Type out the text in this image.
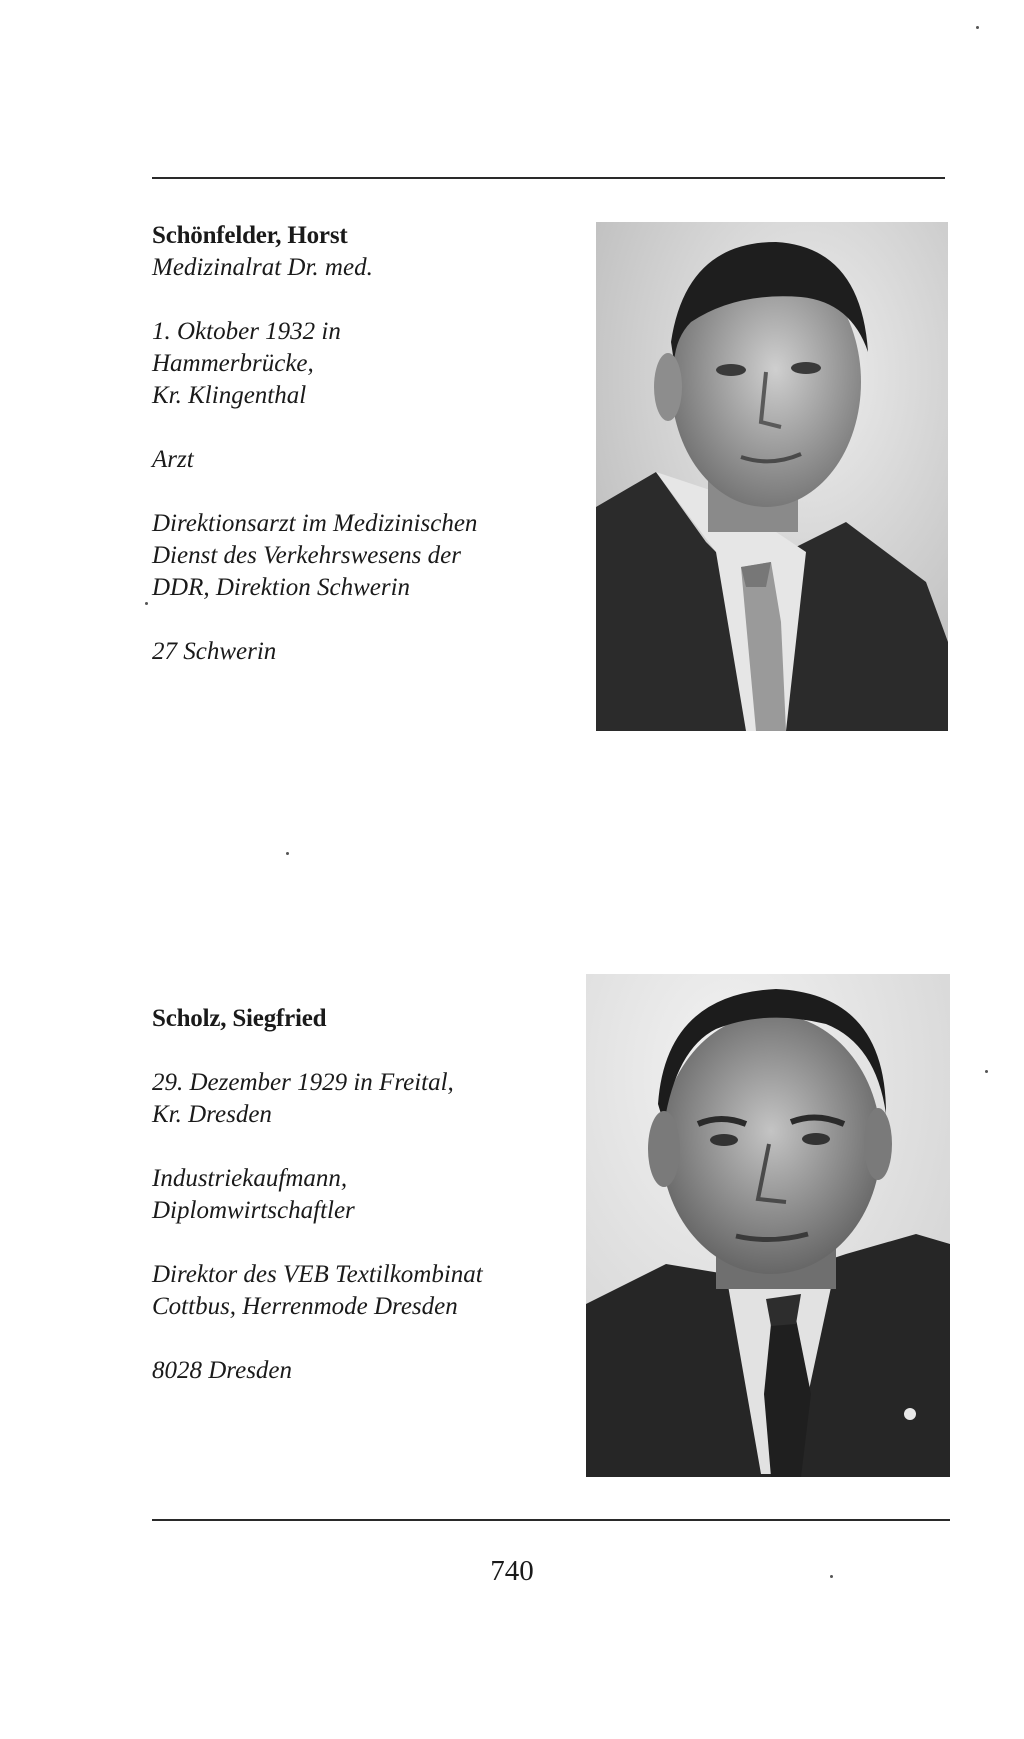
Schönfelder, Horst

Medizinalrat Dr. med.

1. Oktober 1932 in
Hammerbrücke,
Kr. Klingenthal

Arzt

Direktionsarzt im Medizinischen
Dienst des Verkehrswesens der
DDR, Direktion Schwerin

27 Schwerin

Scholz, Siegfried

29. Dezember 1929 in Freital,
Kr. Dresden

Industriekaufmann,
Diplomwirtschaftler

Direktor des VEB Textilkombinat
Cottbus, Herrenmode Dresden

8028 Dresden

740
